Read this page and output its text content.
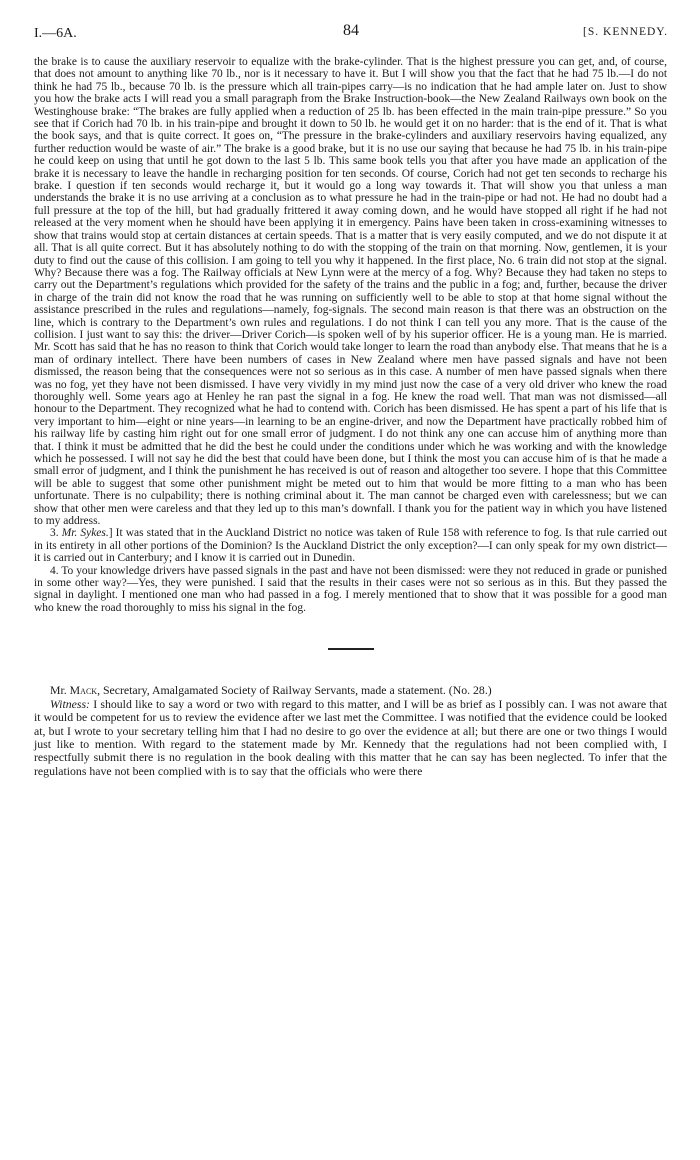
I.—6A.	84	[S. KENNEDY.

the brake is to cause the auxiliary reservoir to equalize with the brake-cylinder. That is the highest pressure you can get, and, of course, that does not amount to anything like 70 lb., nor is it necessary to have it. But I will show you that the fact that he had 75 lb.—I do not think he had 75 lb., because 70 lb. is the pressure which all train-pipes carry—is no indication that he had ample later on. Just to show you how the brake acts I will read you a small paragraph from the Brake Instruction-book—the New Zealand Railways own book on the Westinghouse brake: “The brakes are fully applied when a reduction of 25 lb. has been effected in the main train-pipe pressure.” So you see that if Corich had 70 lb. in his train-pipe and brought it down to 50 lb. he would get it on no harder: that is the end of it. That is what the book says, and that is quite correct. It goes on, “The pressure in the brake-cylinders and auxiliary reservoirs having equalized, any further reduction would be waste of air.” The brake is a good brake, but it is no use our saying that because he had 75 lb. in his train-pipe he could keep on using that until he got down to the last 5 lb. This same book tells you that after you have made an application of the brake it is necessary to leave the handle in recharging position for ten seconds. Of course, Corich had not get ten seconds to recharge his brake. I question if ten seconds would recharge it, but it would go a long way towards it. That will show you that unless a man understands the brake it is no use arriving at a conclusion as to what pressure he had in the train-pipe or had not. He had no doubt had a full pressure at the top of the hill, but had gradually frittered it away coming down, and he would have stopped all right if he had not released at the very moment when he should have been applying it in emergency. Pains have been taken in cross-examining witnesses to show that trains would stop at certain distances at certain speeds. That is a matter that is very easily computed, and we do not dispute it at all. That is all quite correct. But it has absolutely nothing to do with the stopping of the train on that morning. Now, gentlemen, it is your duty to find out the cause of this collision. I am going to tell you why it happened. In the first place, No. 6 train did not stop at the signal. Why? Because there was a fog. The Railway officials at New Lynn were at the mercy of a fog. Why? Because they had taken no steps to carry out the Department’s regulations which provided for the safety of the trains and the public in a fog; and, further, because the driver in charge of the train did not know the road that he was running on sufficiently well to be able to stop at that home signal without the assistance prescribed in the rules and regulations—namely, fog-signals. The second main reason is that there was an obstruction on the line, which is contrary to the Department’s own rules and regulations. I do not think I can tell you any more. That is the cause of the collision. I just want to say this: the driver—Driver Corich—is spoken well of by his superior officer. He is a young man. He is married. Mr. Scott has said that he has no reason to think that Corich would take longer to learn the road than anybody else. That means that he is a man of ordinary intellect. There have been numbers of cases in New Zealand where men have passed signals and have not been dismissed, the reason being that the consequences were not so serious as in this case. A number of men have passed signals when there was no fog, yet they have not been dismissed. I have very vividly in my mind just now the case of a very old driver who knew the road thoroughly well. Some years ago at Henley he ran past the signal in a fog. He knew the road well. That man was not dismissed—all honour to the Department. They recognized what he had to contend with. Corich has been dismissed. He has spent a part of his life that is very important to him—eight or nine years—in learning to be an engine-driver, and now the Department have practically robbed him of his railway life by casting him right out for one small error of judgment. I do not think any one can accuse him of anything more than that. I think it must be admitted that he did the best he could under the conditions under which he was working and with the knowledge which he possessed. I will not say he did the best that could have been done, but I think the most you can accuse him of is that he made a small error of judgment, and I think the punishment he has received is out of reason and altogether too severe. I hope that this Committee will be able to suggest that some other punishment might be meted out to him that would be more fitting to a man who has been unfortunate. There is no culpability; there is nothing criminal about it. The man cannot be charged even with carelessness; but we can show that other men were careless and that they led up to this man’s downfall. I thank you for the patient way in which you have listened to my address.

3. Mr. Sykes.] It was stated that in the Auckland District no notice was taken of Rule 158 with reference to fog. Is that rule carried out in its entirety in all other portions of the Dominion? Is the Auckland District the only exception?—I can only speak for my own district—it is carried out in Canterbury; and I know it is carried out in Dunedin.

4. To your knowledge drivers have passed signals in the past and have not been dismissed: were they not reduced in grade or punished in some other way?—Yes, they were punished. I said that the results in their cases were not so serious as in this. But they passed the signal in daylight. I mentioned one man who had passed in a fog. I merely mentioned that to show that it was possible for a good man who knew the road thoroughly to miss his signal in the fog.

Mr. Mack, Secretary, Amalgamated Society of Railway Servants, made a statement. (No. 28.)

Witness: I should like to say a word or two with regard to this matter, and I will be as brief as I possibly can. I was not aware that it would be competent for us to review the evidence after we last met the Committee. I was notified that the evidence could be looked at, but I wrote to your secretary telling him that I had no desire to go over the evidence at all; but there are one or two things I would just like to mention. With regard to the statement made by Mr. Kennedy that the regulations had not been complied with, I respectfully submit there is no regulation in the book dealing with this matter that he can say has been neglected. To infer that the regulations have not been complied with is to say that the officials who were there
